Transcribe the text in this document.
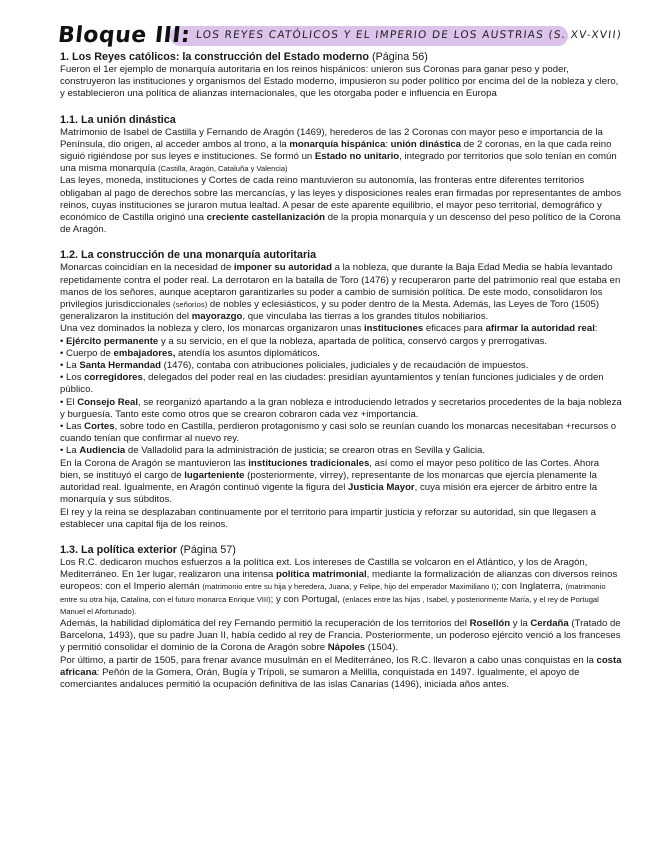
Bloque III: LOS REYES CATÓLICOS Y EL IMPERIO DE LOS AUSTRIAS (S. XV-XVII)
1. Los Reyes católicos: la construcción del Estado moderno (Página 56)

Fueron el 1er ejemplo de monarquía autoritaria en los reinos hispánicos: unieron sus Coronas para ganar peso y poder, construyeron las instituciones y organismos del Estado moderno, impusieron su poder político por encima del de la nobleza y clero, y establecieron una política de alianzas internacionales, que les otorgaba poder e influencia en Europa

1.1. La unión dinástica

Matrimonio de Isabel de Castilla y Fernando de Aragón (1469), herederos de las 2 Coronas con mayor peso e importancia de la Península, dio origen, al acceder ambos al trono, a la monarquía hispánica: unión dinástica de 2 coronas, en la que cada reino siguió rigiéndose por sus leyes e instituciones. Se formó un Estado no unitario, integrado por territorios que solo tenían en común una misma monarquía (Castilla, Aragón, Cataluña y Valencia)

Las leyes, moneda, instituciones y Cortes de cada reino mantuvieron su autonomía, las fronteras entre diferentes territorios obligaban al pago de derechos sobre las mercancías, y las leyes y disposiciones reales eran firmadas por representantes de ambos reinos, cuyas instituciones se juraron mutua lealtad. A pesar de este aparente equilibrio, el mayor peso territorial, demográfico y económico de Castilla originó una creciente castellanización de la propia monarquía y un descenso del peso político de la Corona de Aragón.

1.2. La construcción de una monarquía autoritaria

Monarcas coincidían en la necesidad de imponer su autoridad a la nobleza, que durante la Baja Edad Media se había levantado repetidamente contra el poder real. La derrotaron en la batalla de Toro (1476) y recuperaron parte del patrimonio real que estaba en manos de los señores, aunque aceptaron garantizarles su poder a cambio de sumisión política. De este modo, consolidaron los privilegios jurisdiccionales (señoríos) de nobles y eclesiásticos, y su poder dentro de la Mesta. Además, las Leyes de Toro (1505) generalizaron la institución del mayorazgo, que vinculaba las tierras a los grandes títulos nobiliarios.

Una vez dominados la nobleza y clero, los monarcas organizaron unas instituciones eficaces para afirmar la autoridad real:

• Ejército permanente y a su servicio, en el que la nobleza, apartada de política, conservó cargos y prerrogativas.

• Cuerpo de embajadores, atendía los asuntos diplomáticos.

• La Santa Hermandad (1476), contaba con atribuciones policiales, judiciales y de recaudación de impuestos.

• Los corregidores, delegados del poder real en las ciudades: presidían ayuntamientos y tenían funciones judiciales y de orden público.

• El Consejo Real, se reorganizó apartando a la gran nobleza e introduciendo letrados y secretarios procedentes de la baja nobleza y burguesía. Tanto este como otros que se crearon cobraron cada vez +importancia.

• Las Cortes, sobre todo en Castilla, perdieron protagonismo y casi solo se reunían cuando los monarcas necesitaban +recursos o cuando tenían que confirmar al nuevo rey.

• La Audiencia de Valladolid para la administración de justicia; se crearon otras en Sevilla y Galicia.

En la Corona de Aragón se mantuvieron las instituciones tradicionales, así como el mayor peso político de las Cortes. Ahora bien, se instituyó el cargo de lugarteniente (posteriormente, virrey), representante de los monarcas que ejercía plenamente la autoridad real. Igualmente, en Aragón continuó vigente la figura del Justicia Mayor, cuya misión era ejercer de árbitro entre la monarquía y sus súbditos.

El rey y la reina se desplazaban continuamente por el territorio para impartir justicia y reforzar su autoridad, sin que llegasen a establecer una capital fija de los reinos.

1.3. La política exterior (Página 57)

Los R.C. dedicaron muchos esfuerzos a la política ext. Los intereses de Castilla se volcaron en el Atlántico, y los de Aragón, Mediterráneo. En 1er lugar, realizaron una intensa política matrimonial, mediante la formalización de alianzas con diversos reinos europeos: con el Imperio alemán (matrimonio entre su hija y heredera, Juana, y Felipe, hijo del emperador Maximiliano I); con Inglaterra, (matrimonio entre su otra hija, Catalina, con el futuro monarca Enrique VIII); y con Portugal, (enlaces entre las hijas , Isabel, y posteriormente María, y el rey de Portugal Manuel el Afortunado).

Además, la habilidad diplomática del rey Fernando permitió la recuperación de los territorios del Rosellón y la Cerdaña (Tratado de Barcelona, 1493), que su padre Juan II, había cedido al rey de Francia. Posteriormente, un poderoso ejército venció a los franceses y permitió consolidar el dominio de la Corona de Aragón sobre Nápoles (1504).

Por último, a partir de 1505, para frenar avance musulmán en el Mediterráneo, los R.C. llevaron a cabo unas conquistas en la costa africana: Peñón de la Gomera, Orán, Bugía y Trípoli, se sumaron a Melilla, conquistada en 1497. Igualmente, el apoyo de comerciantes andaluces permitió la ocupación definitiva de las islas Canarias (1496), iniciada años antes.
